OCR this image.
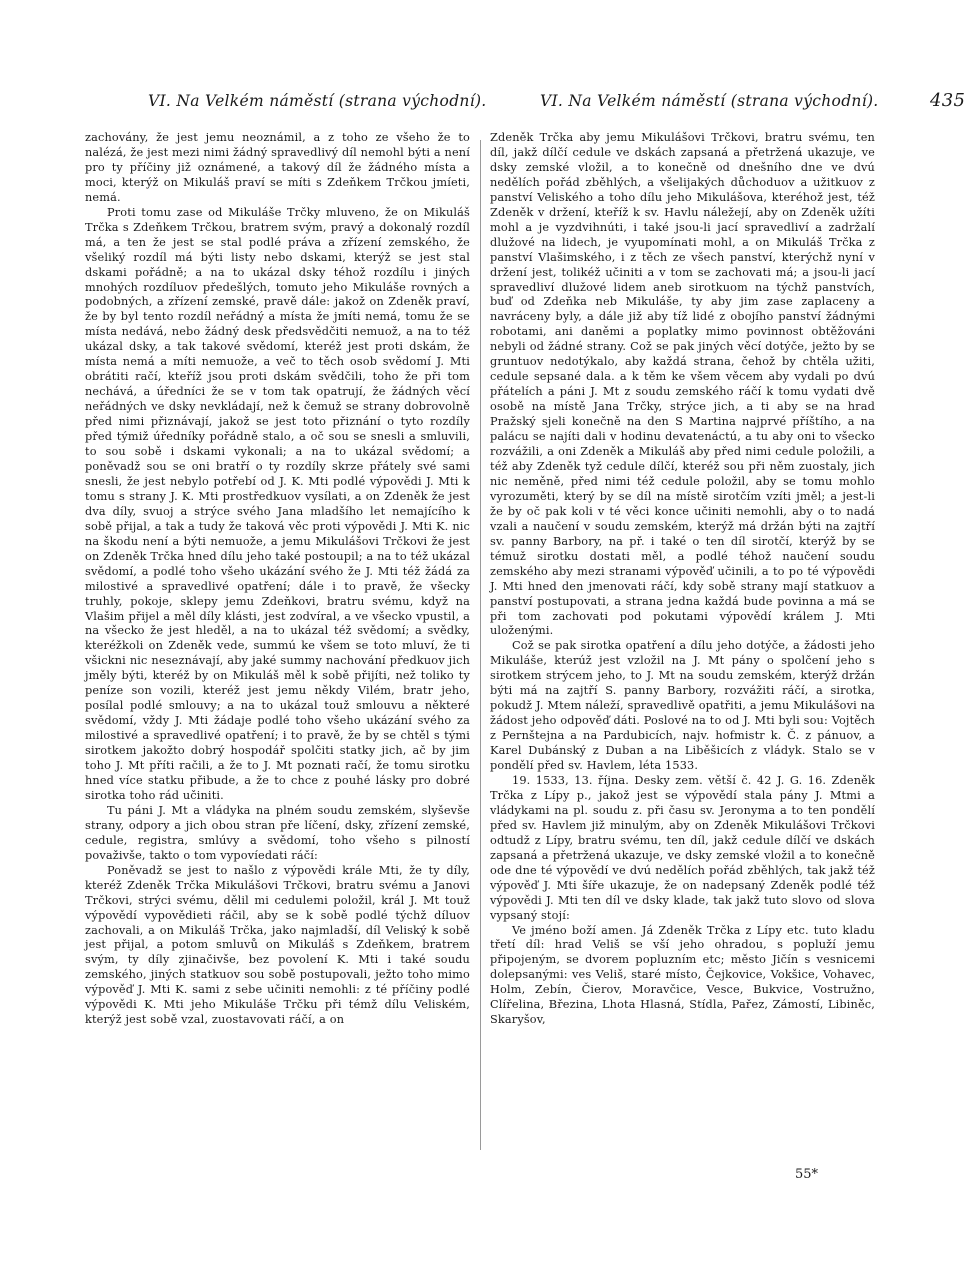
VI. Na Velkém náměstí (strana východní).	VI. Na Velkém náměstí (strana východní).	435

zachovány, že jest jemu neoznámil, a z toho ze všeho že to nalézá, že jest mezi nimi žádný spravedlivý díl nemohl býti a není pro ty příčiny již oznámené, a takový díl že žádného místa a moci, kterýž on Mikuláš praví se míti s Zdeňkem Trčkou jmíeti, nemá.

Proti tomu zase od Mikuláše Trčky mluveno, že on Mikuláš Trčka s Zdeňkem Trčkou, bratrem svým, pravý a dokonalý rozdíl má, a ten že jest se stal podlé práva a zřízení zemského, že všeliký rozdíl má býti listy nebo dskami, kterýž se jest stal dskami pořádně; a na to ukázal dsky téhož rozdílu i jiných mnohých rozdíluov předešlých, tomuto jeho Mikuláše rovných a podobných, a zřízení zemské, pravě dále: jakož on Zdeněk praví, že by byl tento rozdíl neřádný a místa že jmíti nemá, tomu že se místa nedává, nebo žádný desk předsvědčiti nemuož, a na to též ukázal dsky, a tak takové svědomí, kteréž jest proti dskám, že místa nemá a míti nemuože, a več to těch osob svědomí J. Mti obrátiti račí, kteříž jsou proti dskám svědčili, toho že při tom nechává, a úředníci že se v tom tak opatrují, že žádných věcí neřádných ve dsky nevkládají, než k čemuž se strany dobrovolně před nimi přiznávají, jakož se jest toto přiznání o tyto rozdíly před týmiž úředníky pořádně stalo, a oč sou se snesli a smluvili, to sou sobě i dskami vykonali; a na to ukázal svědomí; a poněvadž sou se oni bratří o ty rozdíly skrze přátely své sami snesli, že jest nebylo potřebí od J. K. Mti podlé výpovědi J. Mti k tomu s strany J. K. Mti prostředkuov vysílati, a on Zdeněk že jest dva díly, svuoj a strýce svého Jana mladšího let nemajícího k sobě přijal, a tak a tudy že taková věc proti výpovědi J. Mti K. nic na škodu není a býti nemuože, a jemu Mikulášovi Trčkovi že jest on Zdeněk Trčka hned dílu jeho také postoupil; a na to též ukázal svědomí, a podlé toho všeho ukázání svého že J. Mti též žádá za milostivé a spravedlivé opatření; dále i to pravě, že všecky truhly, pokoje, sklepy jemu Zdeňkovi, bratru svému, když na Vlašim přijel a měl díly klásti, jest zodvíral, a ve všecko vpustil, a na všecko že jest hleděl, a na to ukázal též svědomí; a svědky, kteréžkoli on Zdeněk vede, summú ke všem se toto mluví, že ti všickni nic neseznávají, aby jaké summy nachování předkuov jich jměly býti, kteréž by on Mikuláš měl k sobě přijíti, než toliko ty peníze son vozili, kteréž jest jemu někdy Vilém, bratr jeho, posílal podlé smlouvy; a na to ukázal touž smlouvu a některé svědomí, vždy J. Mti žádaje podlé toho všeho ukázání svého za milostivé a spravedlivé opatření; i to pravě, že by se chtěl s tými sirotkem jakožto dobrý hospodář spolčiti statky jich, ač by jim toho J. Mt příti račili, a že to J. Mt poznati račí, že tomu sirotku hned více statku přibude, a že to chce z pouhé lásky pro dobré sirotka toho rád učiniti.

Tu páni J. Mt a vládyka na plném soudu zemském, slyševše strany, odpory a jich obou stran pře líčení, dsky, zřízení zemské, cedule, registra, smlúvy a svědomí, toho všeho s pilností považivše, takto o tom vypovíedati ráčí:

Poněvadž se jest to našlo z výpovědi krále Mti, že ty díly, kteréž Zdeněk Trčka Mikulášovi Trčkovi, bratru svému a Janovi Trčkovi, strýci svému, dělil mi cedulemi položil, král J. Mt touž výpovědí vypovědieti ráčil, aby se k sobě podlé týchž díluov zachovali, a on Mikuláš Trčka, jako najmladší, díl Veliský k sobě jest přijal, a potom smluvů on Mikuláš s Zdeňkem, bratrem svým, ty díly zjinačivše, bez povolení K. Mti i také soudu zemského, jiných statkuov sou sobě postupovali, ježto toho mimo výpověď J. Mti K. sami z sebe učiniti nemohli: z té příčiny podlé výpovědi K. Mti jeho Mikuláše Trčku při témž dílu Veliském, kterýž jest sobě vzal, zuostavovati ráčí, a on

Zdeněk Trčka aby jemu Mikulášovi Trčkovi, bratru svému, ten díl, jakž dílčí cedule ve dskách zapsaná a přetržená ukazuje, ve dsky zemské vložil, a to konečně od dnešního dne ve dvú nedělích pořád zběhlých, a všelijakých důchoduov a užitkuov z panství Veliského a toho dílu jeho Mikulášova, kteréhož jest, též Zdeněk v držení, kteříž k sv. Havlu náležejí, aby on Zdeněk užíti mohl a je vyzdvihnúti, i také jsou-li jací spravedliví a zadržalí dlužové na lidech, je vyupomínati mohl, a on Mikuláš Trčka z panství Vlašimského, i z těch ze všech panství, kterýchž nyní v držení jest, tolikéž učiniti a v tom se zachovati má; a jsou-li jací spravedliví dlužové lidem aneb sirotkuom na týchž panstvích, buď od Zdeňka neb Mikuláše, ty aby jim zase zaplaceny a navráceny byly, a dále již aby tíž lidé z obojího panství žádnými robotami, ani daněmi a poplatky mimo povinnost obtěžováni nebyli od žádné strany. Což se pak jiných věcí dotýče, ježto by se gruntuov nedotýkalo, aby každá strana, čehož by chtěla užiti, cedule sepsané dala. a k těm ke všem věcem aby vydali po dvú přátelích a páni J. Mt z soudu zemského ráčí k tomu vydati dvě osobě na místě Jana Trčky, strýce jich, a ti aby se na hrad Pražský sjeli konečně na den S Martina najprvé příštího, a na palácu se najíti dali v hodinu devatenáctú, a tu aby oni to všecko rozvážili, a oni Zdeněk a Mikuláš aby před nimi cedule položili, a též aby Zdeněk tyž cedule dílčí, kteréž sou při něm zuostaly, jich nic neměně, před nimi též cedule položil, aby se tomu mohlo vyrozuměti, který by se díl na místě sirotčím vzíti jměl; a jest-li že by oč pak koli v té věci konce učiniti nemohli, aby o to nadá vzali a naučení v soudu zemském, kterýž má držán býti na zajtří sv. panny Barbory, na př. i také o ten díl sirotčí, kterýž by se témuž sirotku dostati měl, a podlé téhož naučení soudu zemského aby mezi stranami výpověď učinili, a to po té výpovědi J. Mti hned den jmenovati ráčí, kdy sobě strany mají statkuov a panství postupovati, a strana jedna každá bude povinna a má se při tom zachovati pod pokutami výpovědí králem J. Mti uloženými.

Což se pak sirotka opatření a dílu jeho dotýče, a žádosti jeho Mikuláše, kterúž jest vzložil na J. Mt pány o spolčení jeho s sirotkem strýcem jeho, to J. Mt na soudu zemském, kterýž držán býti má na zajtří S. panny Barbory, rozvážiti ráčí, a sirotka, pokudž J. Mtem náleží, spravedlivě opatřiti, a jemu Mikulášovi na žádost jeho odpověď dáti. Poslové na to od J. Mti byli sou: Vojtěch z Pernštejna a na Pardubicích, najv. hofmistr k. Č. z pánuov, a Karel Dubánský z Duban a na Liběšicích z vládyk. Stalo se v pondělí před sv. Havlem, léta 1533.

19. 1533, 13. října. Desky zem. větší č. 42 J. G. 16. Zdeněk Trčka z Lípy p., jakož jest se výpovědí stala pány J. Mtmi a vládykami na pl. soudu z. při času sv. Jeronyma a to ten pondělí před sv. Havlem již minulým, aby on Zdeněk Mikulášovi Trčkovi odtudž z Lípy, bratru svému, ten díl, jakž cedule dílčí ve dskách zapsaná a přetržená ukazuje, ve dsky zemské vložil a to konečně ode dne té výpovědí ve dvú nedělích pořád zběhlých, tak jakž též výpověď J. Mti šíře ukazuje, že on nadepsaný Zdeněk podlé též výpovědi J. Mti ten díl ve dsky klade, tak jakž tuto slovo od slova vypsaný stojí:

Ve jméno boží amen. Já Zdeněk Trčka z Lípy etc. tuto kladu třetí díl: hrad Veliš se vší jeho ohradou, s popluží jemu připojeným, se dvorem popluzním etc; město Jičín s vesnicemi dolepsanými: ves Veliš, staré místo, Čejkovice, Vokšice, Vohavec, Holm, Zebín, Čierov, Moravčice, Vesce, Bukvice, Vostružno, Clířelina, Březina, Lhota Hlasná, Stídla, Pařez, Zámostí, Libiněc, Skaryšov,

55*
